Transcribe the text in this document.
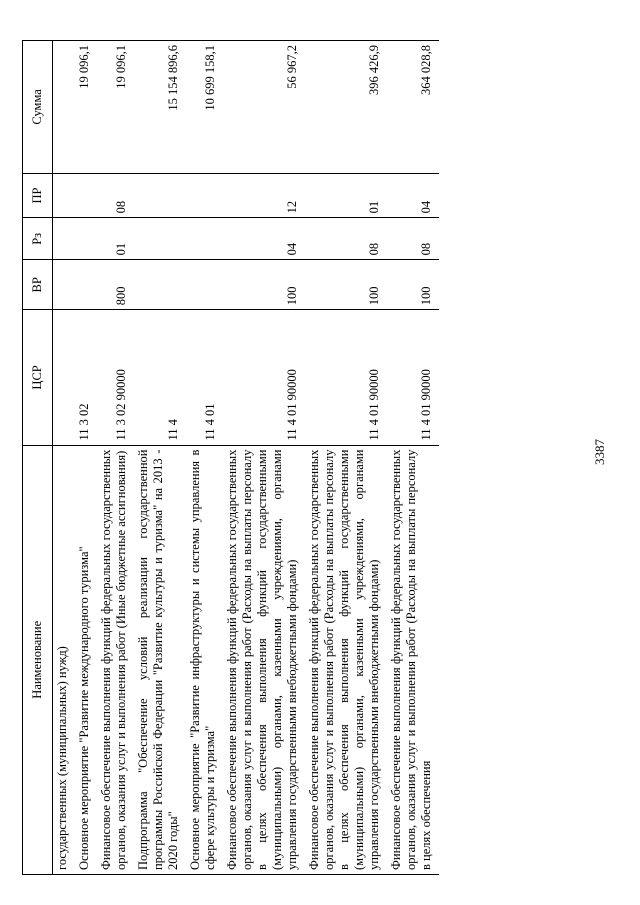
3387
Наименование	ЦСР	ВР	Рз	ПР	Сумма
государственных (муниципальных) нужд)					
Основное мероприятие "Развитие международного туризма"	11 3 02				19 096,1
Финансовое обеспечение выполнения функций федеральных государственных органов, оказания услуг и выполнения работ (Иные бюджетные ассигнования)	11 3 02 90000	800	01	08	19 096,1
Подпрограмма "Обеспечение условий реализации государственной программы Российской Федерации "Развитие культуры и туризма" на 2013 - 2020 годы"	11 4				15 154 896,6
Основное мероприятие "Развитие инфраструктуры и системы управления в сфере культуры и туризма"	11 4 01				10 699 158,1
Финансовое обеспечение выполнения функций федеральных государственных органов, оказания услуг и выполнения работ (Расходы на выплаты персоналу в целях обеспечения выполнения функций государственными (муниципальными) органами, казенными учреждениями, органами управления государственными внебюджетными фондами)	11 4 01 90000	100	04	12	56 967,2
Финансовое обеспечение выполнения функций федеральных государственных органов, оказания услуг и выполнения работ (Расходы на выплаты персоналу в целях обеспечения выполнения функций государственными (муниципальными) органами, казенными учреждениями, органами управления государственными внебюджетными фондами)	11 4 01 90000	100	08	01	396 426,9
Финансовое обеспечение выполнения функций федеральных государственных органов, оказания услуг и выполнения работ (Расходы на выплаты персоналу в целях обеспечения	11 4 01 90000	100	08	04	364 028,8
